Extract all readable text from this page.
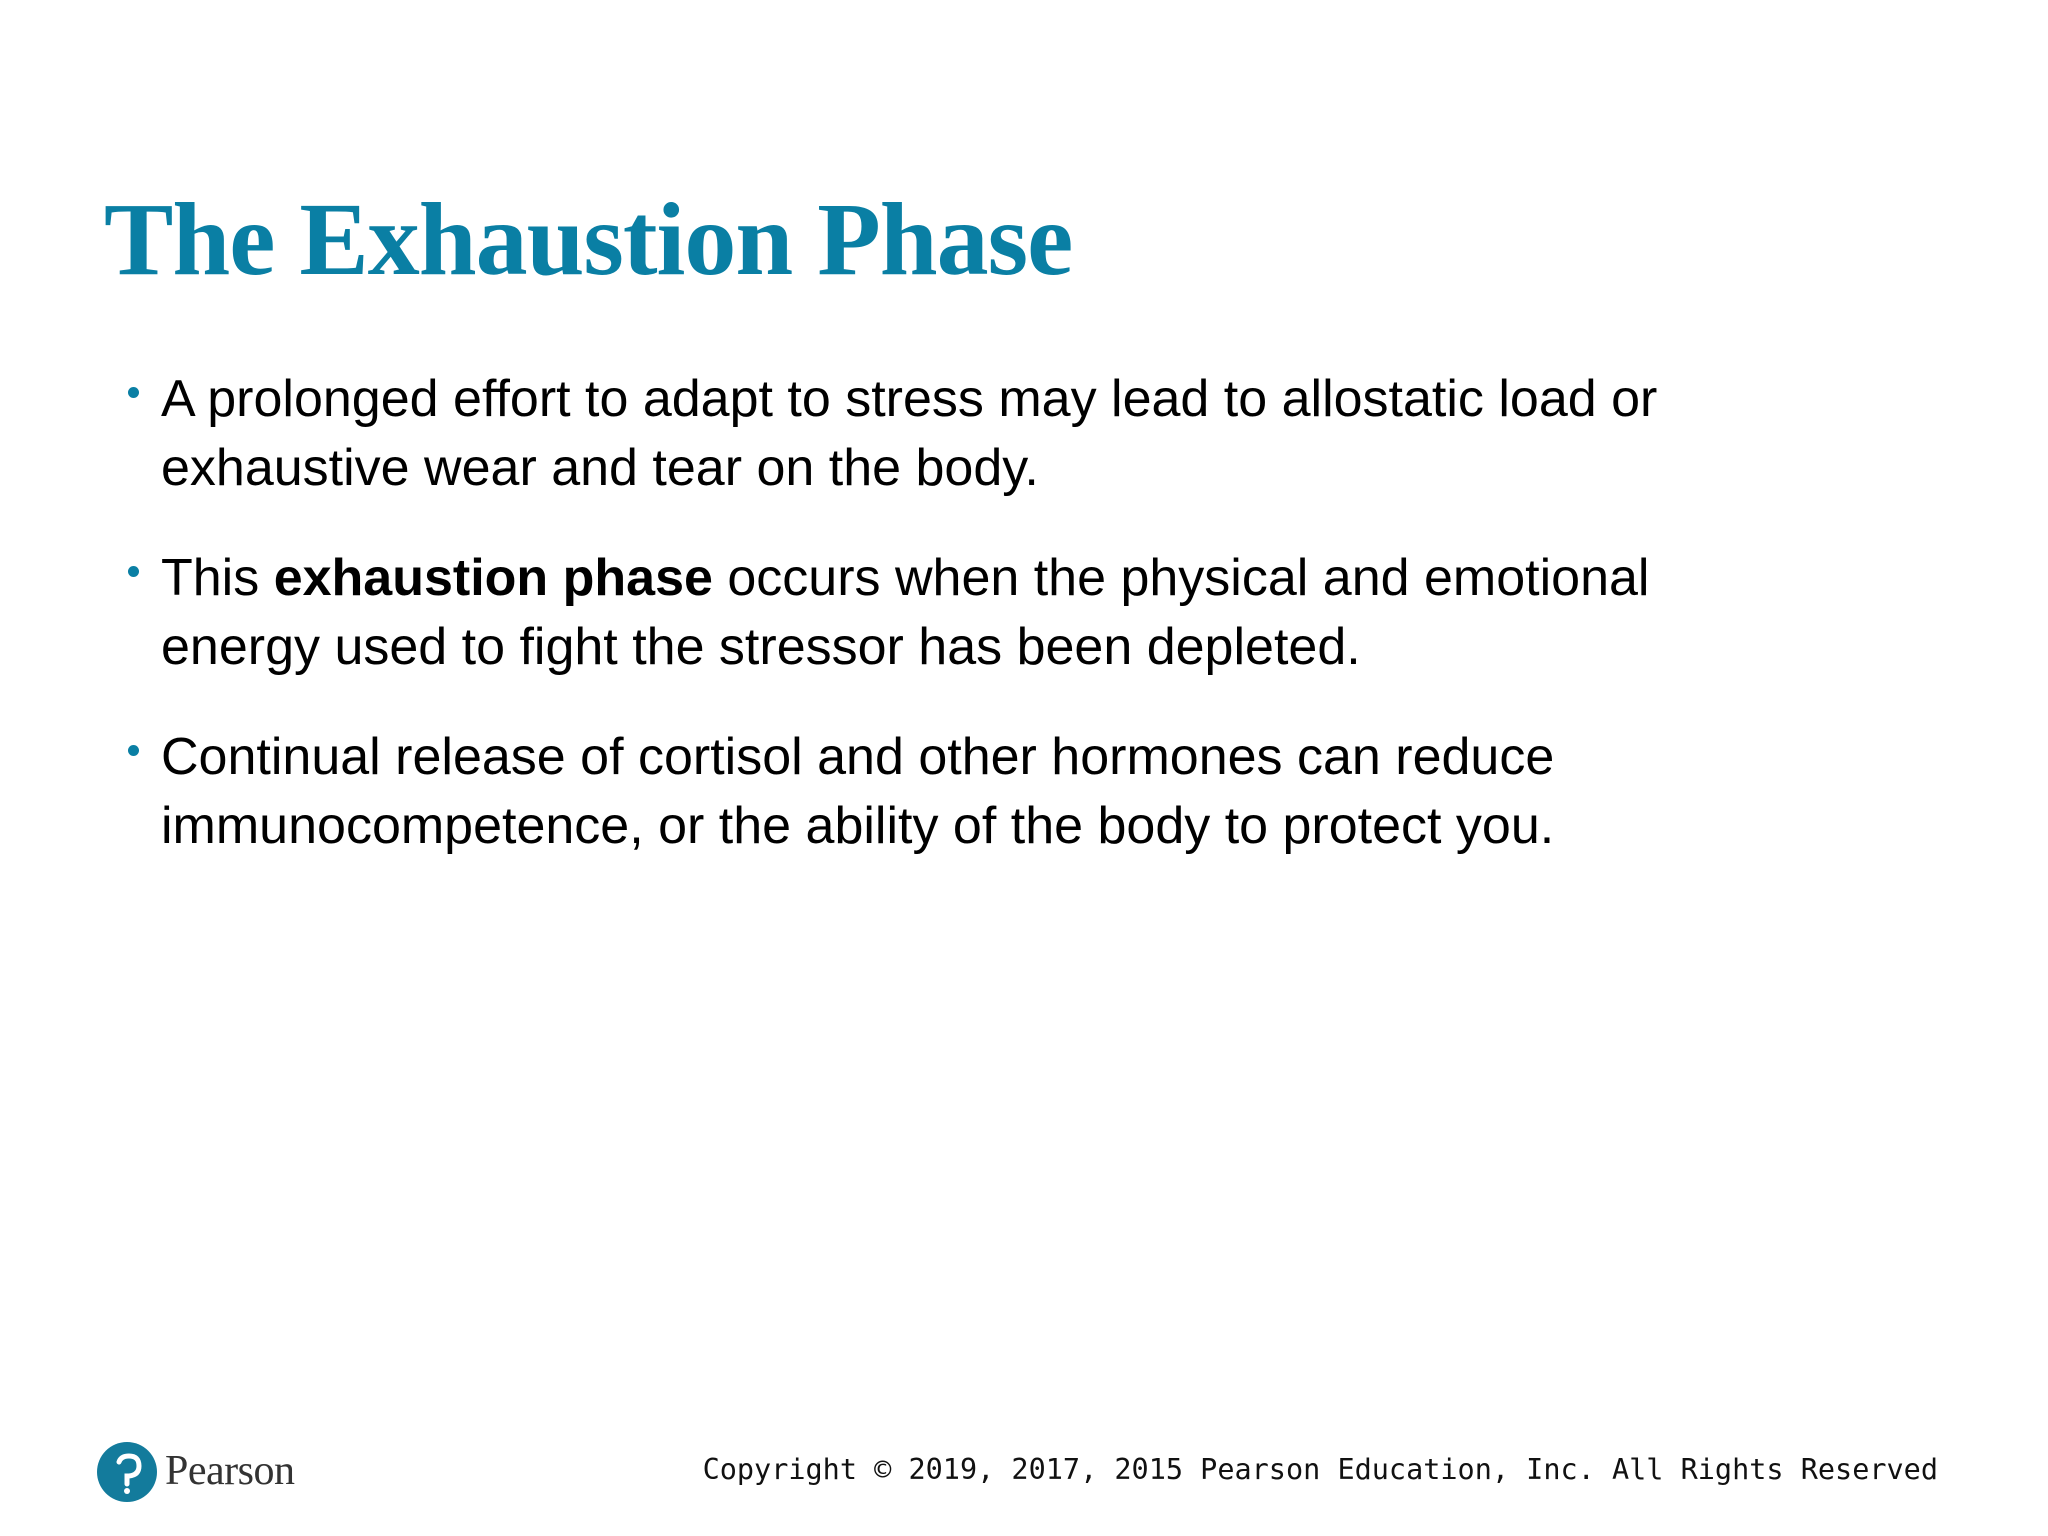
The Exhaustion Phase
A prolonged effort to adapt to stress may lead to allostatic load or
exhaustive wear and tear on the body.
This exhaustion phase occurs when the physical and emotional
energy used to fight the stressor has been depleted.
Continual release of cortisol and other hormones can reduce
immunocompetence, or the ability of the body to protect you.
Pearson	Copyright © 2019, 2017, 2015 Pearson Education, Inc. All Rights Reserved
